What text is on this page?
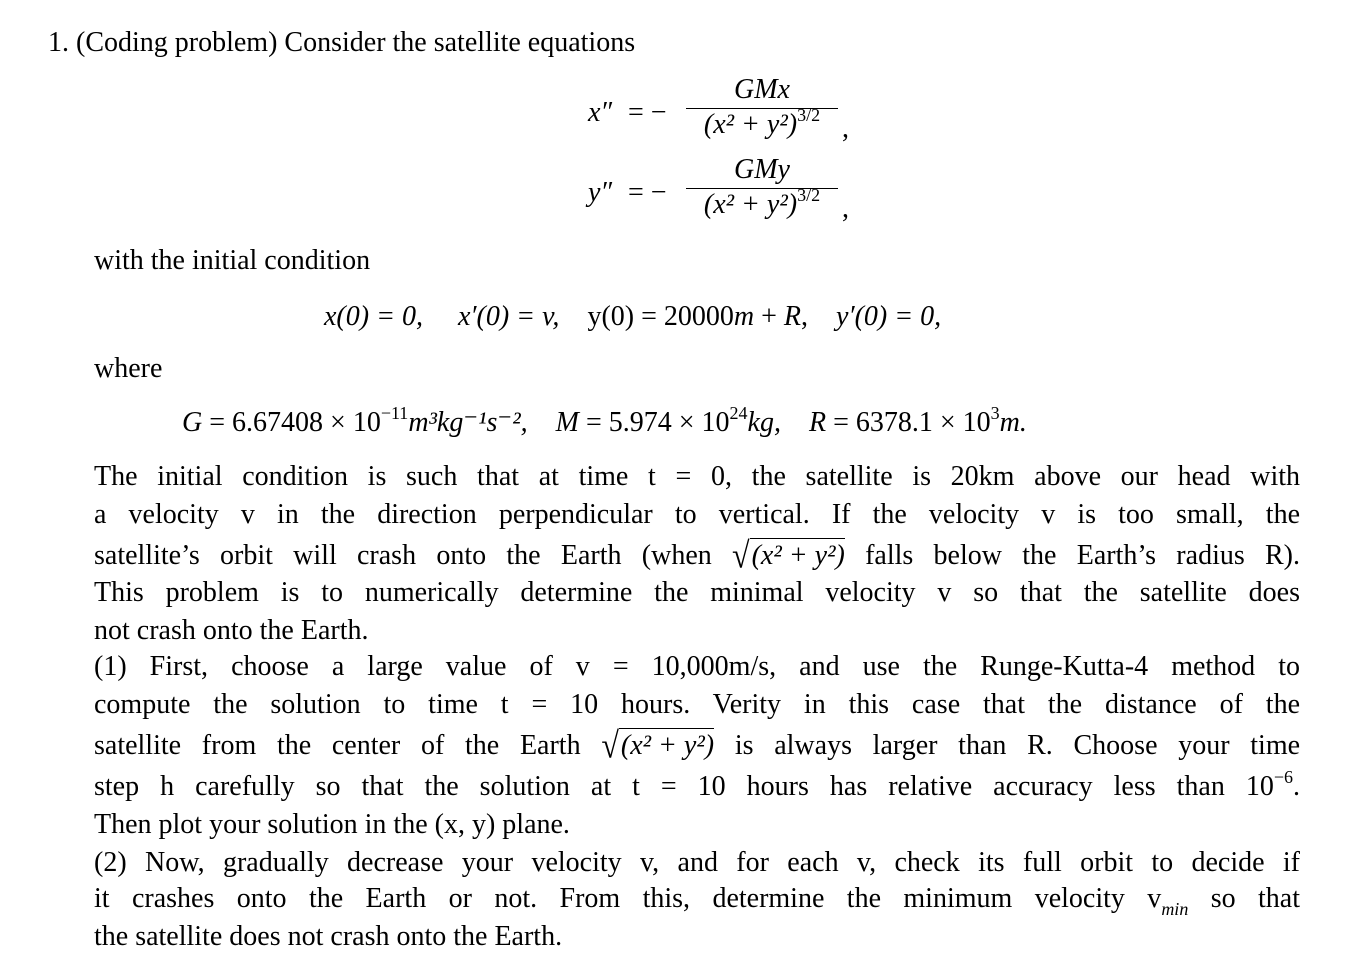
1. (Coding problem) Consider the satellite equations
x″ = −
GMx
$(x^2 + y^2)^{3/2}$ ,
y″ = −
GMy
$(x^2 + y^2)^{3/2}$ ,
with the initial condition
x(0) = 0, x′(0) = v, y(0) = 20000m + R, y′(0) = 0,
where
$G = 6.67408 \times 10^{-11}m^3kg^{-1}s^{-2}$, $M = 5.974 \times 10^{24}kg$, $R = 6378.1 \times 10^3m$.
The initial condition is such that at time t = 0, the satellite is 20km above our head with
a velocity v in the direction perpendicular to vertical. If the velocity v is too small, the
satellite’s orbit will crash onto the Earth (when √(x² + y²) falls below the Earth’s radius R).
This problem is to numerically determine the minimal velocity v so that the satellite does
not crash onto the Earth.
(1) First, choose a large value of v = 10,000m/s, and use the Runge-Kutta-4 method to
compute the solution to time t = 10 hours. Verity in this case that the distance of the
satellite from the center of the Earth √(x² + y²) is always larger than R. Choose your time
step h carefully so that the solution at t = 10 hours has relative accuracy less than $10^{-6}$.
Then plot your solution in the (x, y) plane.
(2) Now, gradually decrease your velocity v, and for each v, check its full orbit to decide if
it crashes onto the Earth or not. From this, determine the minimum velocity $v_{min}$ so that
the satellite does not crash onto the Earth.
